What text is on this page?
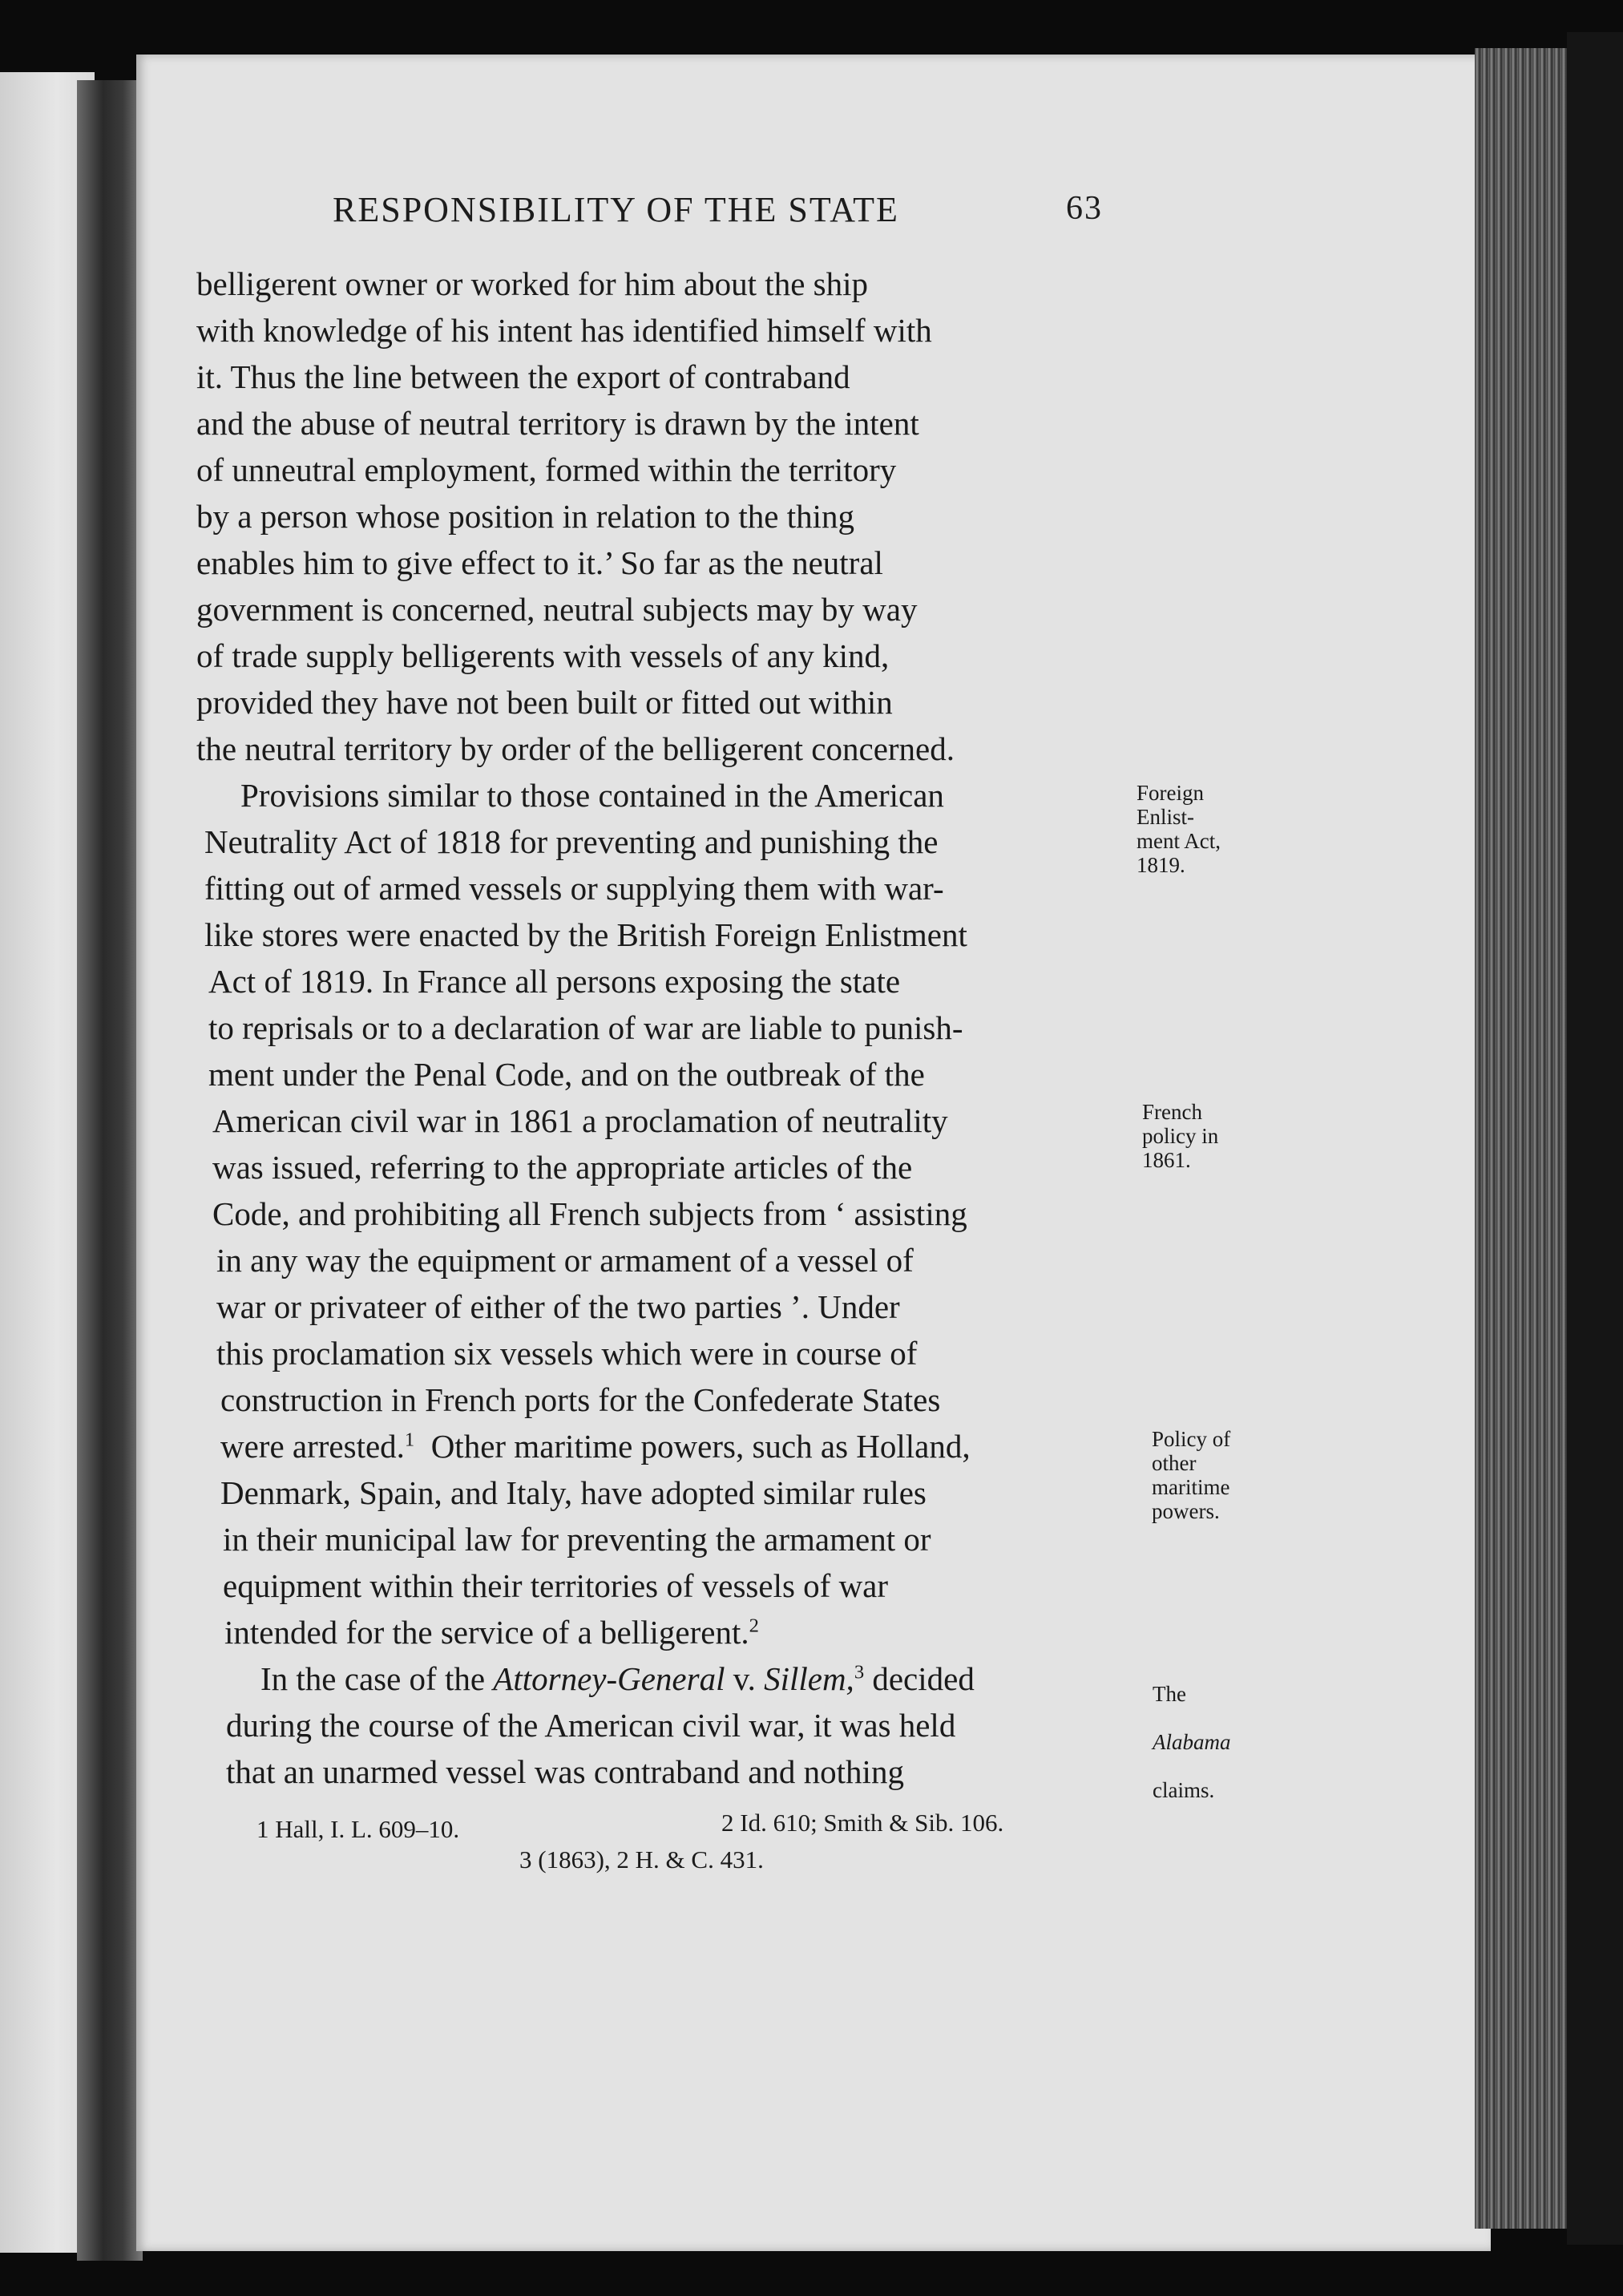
RESPONSIBILITY OF THE STATE	63
belligerent owner or worked for him about the ship
with knowledge of his intent has identified himself with
it. Thus the line between the export of contraband
and the abuse of neutral territory is drawn by the intent
of unneutral employment, formed within the territory
by a person whose position in relation to the thing
enables him to give effect to it.’ So far as the neutral
government is concerned, neutral subjects may by way
of trade supply belligerents with vessels of any kind,
provided they have not been built or fitted out within
the neutral territory by order of the belligerent concerned.
Provisions similar to those contained in the American
Neutrality Act of 1818 for preventing and punishing the
fitting out of armed vessels or supplying them with war-
like stores were enacted by the British Foreign Enlistment
Act of 1819. In France all persons exposing the state
to reprisals or to a declaration of war are liable to punish-
ment under the Penal Code, and on the outbreak of the
American civil war in 1861 a proclamation of neutrality
was issued, referring to the appropriate articles of the
Code, and prohibiting all French subjects from ‘ assisting
in any way the equipment or armament of a vessel of
war or privateer of either of the two parties ’. Under
this proclamation six vessels which were in course of
construction in French ports for the Confederate States
were arrested.$^1$ Other maritime powers, such as Holland,
Denmark, Spain, and Italy, have adopted similar rules
in their municipal law for preventing the armament or
equipment within their territories of vessels of war
intended for the service of a belligerent.$^2$
In the case of the Attorney-General v. Sillem,$^3$ decided
during the course of the American civil war, it was held
that an unarmed vessel was contraband and nothing
Foreign
Enlist-
ment Act,
1819.
French
policy in
1861.
Policy of
other
maritime
powers.

The

Alabama

claims.

1 Hall, I. L. 609–10.	2 Id. 610; Smith & Sib. 106.
3 (1863), 2 H. & C. 431.
